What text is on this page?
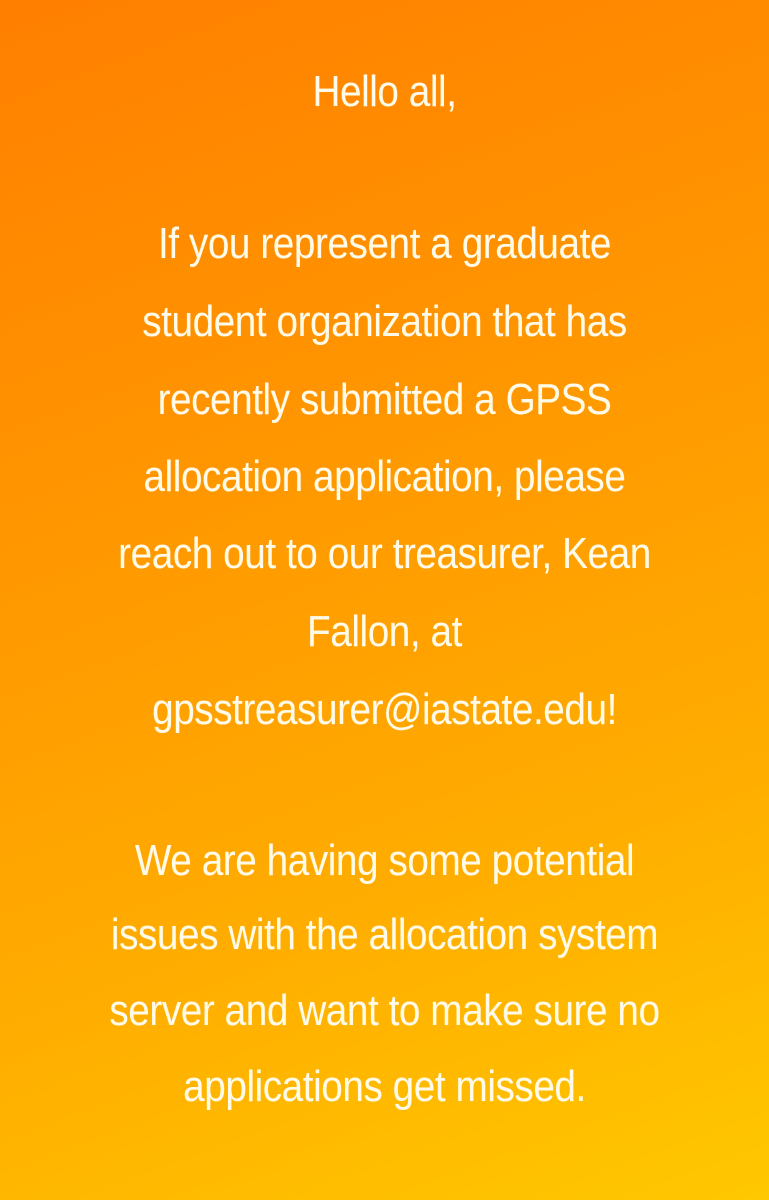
Hello all,
If you represent a graduate
student organization that has
recently submitted a GPSS
allocation application, please
reach out to our treasurer, Kean
Fallon, at
gpsstreasurer@iastate.edu!
We are having some potential
issues with the allocation system
server and want to make sure no
applications get missed.
